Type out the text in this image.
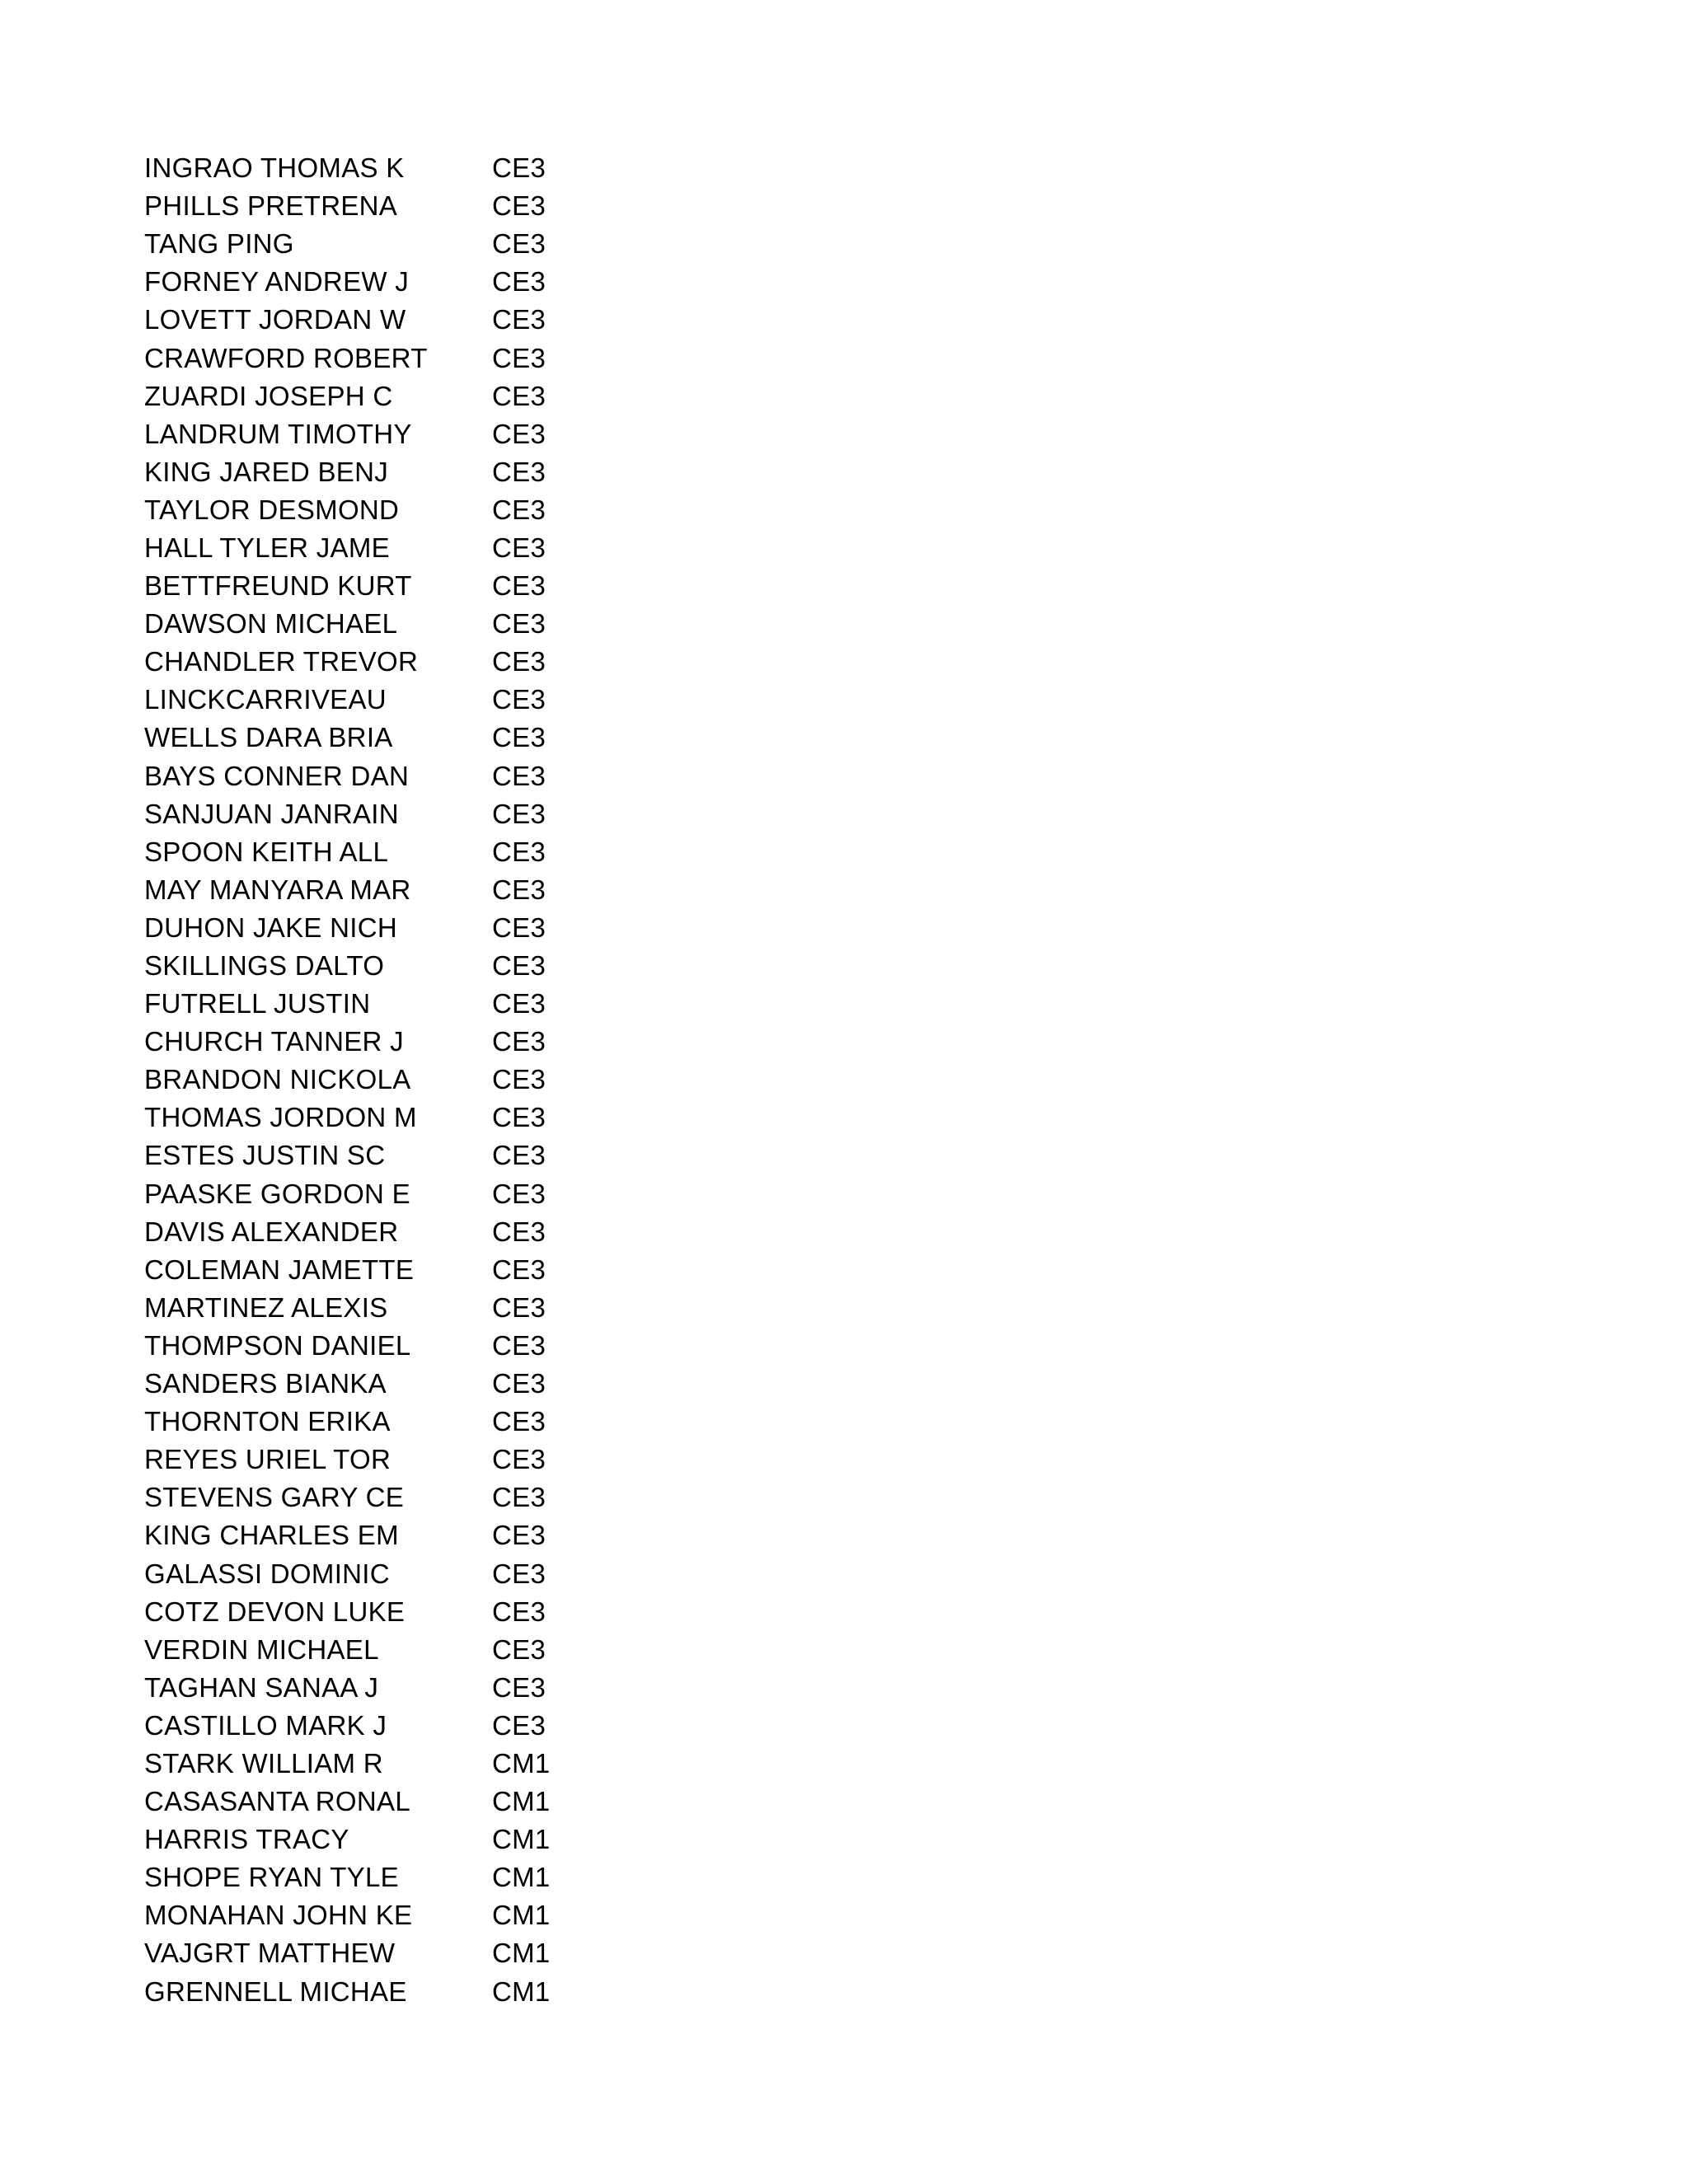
INGRAO THOMAS K	CE3
PHILLS PRETRENA	CE3
TANG PING	CE3
FORNEY ANDREW J	CE3
LOVETT JORDAN W	CE3
CRAWFORD ROBERT	CE3
ZUARDI JOSEPH C	CE3
LANDRUM TIMOTHY	CE3
KING JARED BENJ	CE3
TAYLOR DESMOND	CE3
HALL TYLER JAME	CE3
BETTFREUND KURT	CE3
DAWSON MICHAEL	CE3
CHANDLER TREVOR	CE3
LINCKCARRIVEAU	CE3
WELLS DARA BRIA	CE3
BAYS CONNER DAN	CE3
SANJUAN JANRAIN	CE3
SPOON KEITH ALL	CE3
MAY MANYARA MAR	CE3
DUHON JAKE NICH	CE3
SKILLINGS DALTO	CE3
FUTRELL JUSTIN	CE3
CHURCH TANNER J	CE3
BRANDON NICKOLA	CE3
THOMAS JORDON M	CE3
ESTES JUSTIN SC	CE3
PAASKE GORDON E	CE3
DAVIS ALEXANDER	CE3
COLEMAN JAMETTE	CE3
MARTINEZ ALEXIS	CE3
THOMPSON DANIEL	CE3
SANDERS BIANKA	CE3
THORNTON ERIKA	CE3
REYES URIEL TOR	CE3
STEVENS GARY CE	CE3
KING CHARLES EM	CE3
GALASSI DOMINIC	CE3
COTZ DEVON LUKE	CE3
VERDIN MICHAEL	CE3
TAGHAN SANAA J	CE3
CASTILLO MARK J	CE3
STARK WILLIAM R	CM1
CASASANTA RONAL	CM1
HARRIS TRACY	CM1
SHOPE RYAN TYLE	CM1
MONAHAN JOHN KE	CM1
VAJGRT MATTHEW	CM1
GRENNELL MICHAE	CM1
